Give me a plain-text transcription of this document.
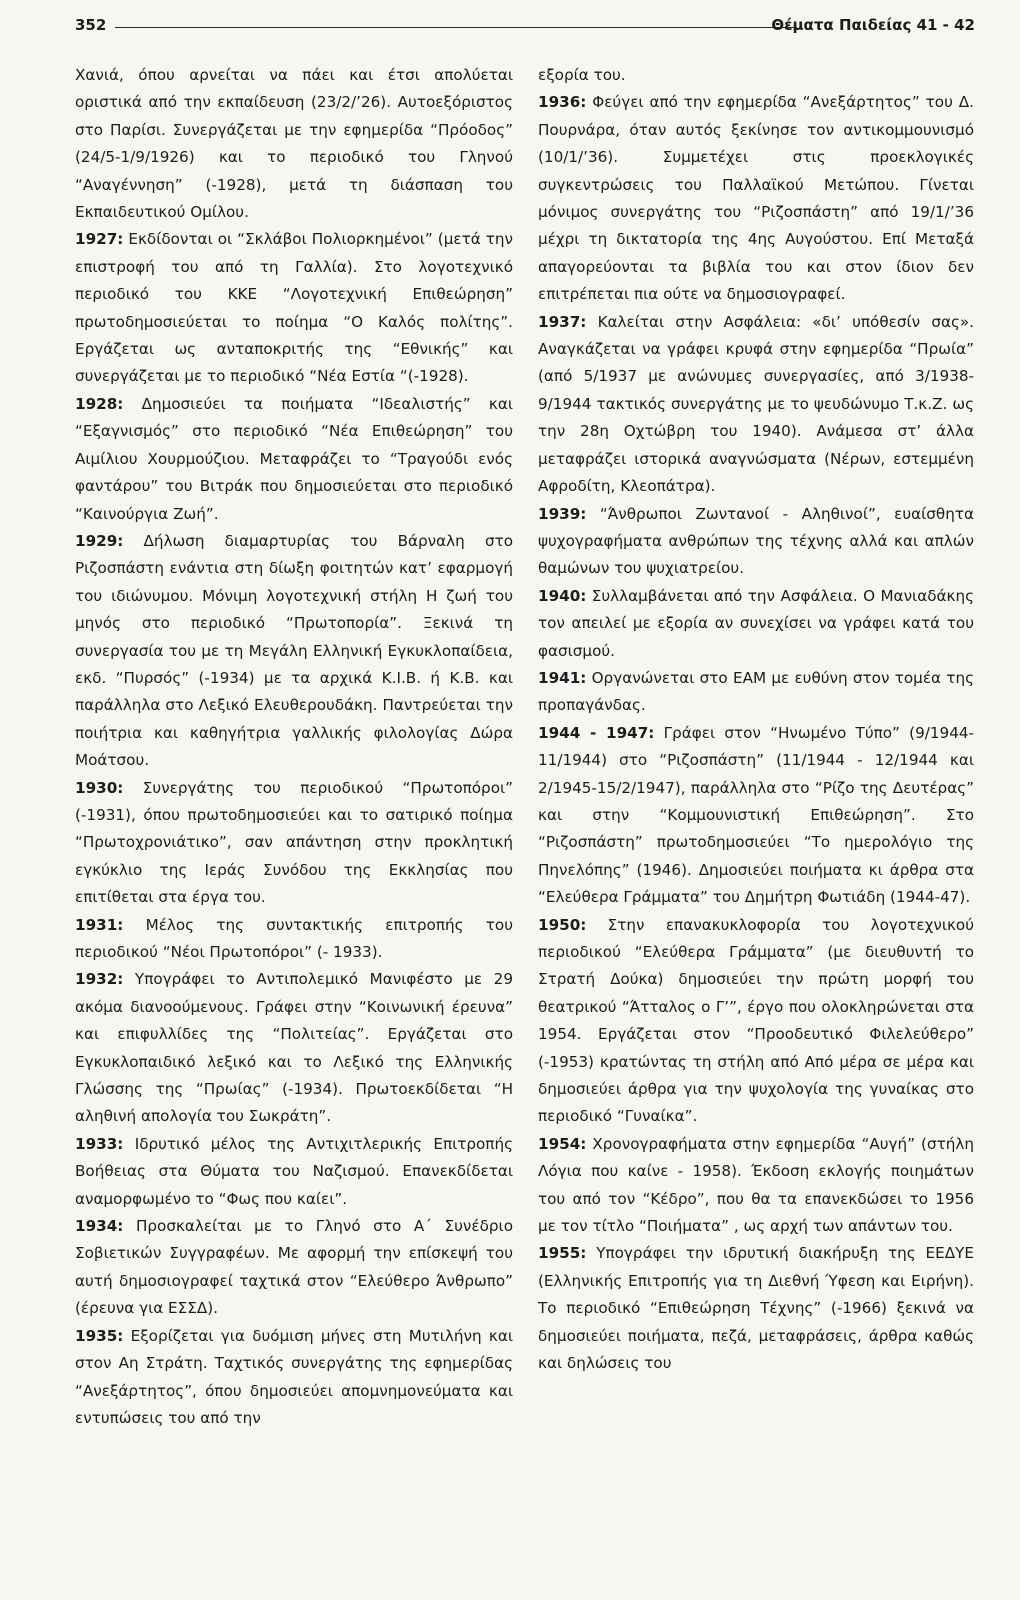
352	Θέματα Παιδείας 41 - 42

Χανιά, όπου αρνείται να πάει και έτσι απολύεται οριστικά από την εκπαίδευση (23/2/’26). Αυτοεξόριστος στο Παρίσι. Συνεργάζεται με την εφημερίδα “Πρόοδος” (24/5-1/9/1926) και το περιοδικό του Γληνού “Αναγέννηση” (-1928), μετά τη διάσπαση του Εκπαιδευτικού Ομίλου.

1927: Εκδίδονται οι “Σκλάβοι Πολιορκημένοι” (μετά την επιστροφή του από τη Γαλλία). Στο λογοτεχνικό περιοδικό του ΚΚΕ “Λογοτεχνική Επιθεώρηση” πρωτοδημοσιεύεται το ποίημα “Ο Καλός πολίτης”. Εργάζεται ως ανταποκριτής της “Εθνικής” και συνεργάζεται με το περιοδικό “Νέα Εστία “(-1928).

1928: Δημοσιεύει τα ποιήματα “Ιδεαλιστής” και “Εξαγνισμός” στο περιοδικό “Νέα Επιθεώρηση” του Αιμίλιου Χουρμούζιου. Μεταφράζει το “Τραγούδι ενός φαντάρου” του Βιτράκ που δημοσιεύεται στο περιοδικό “Καινούργια Ζωή”.

1929: Δήλωση διαμαρτυρίας του Βάρναλη στο Ριζοσπάστη ενάντια στη δίωξη φοιτητών κατ’ εφαρμογή του ιδιώνυμου. Μόνιμη λογοτεχνική στήλη Η ζωή του μηνός στο περιοδικό “Πρωτοπορία”. Ξεκινά τη συνεργασία του με τη Μεγάλη Ελληνική Εγκυκλοπαίδεια, εκδ. “Πυρσός” (-1934) με τα αρχικά Κ.Ι.Β. ή Κ.Β. και παράλληλα στο Λεξικό Ελευθερουδάκη. Παντρεύεται την ποιήτρια και καθηγήτρια γαλλικής φιλολογίας Δώρα Μοάτσου.

1930: Συνεργάτης του περιοδικού “Πρωτοπόροι” (-1931), όπου πρωτοδημοσιεύει και το σατιρικό ποίημα “Πρωτοχρονιάτικο”, σαν απάντηση στην προκλητική εγκύκλιο της Ιεράς Συνόδου της Εκκλησίας που επιτίθεται στα έργα του.

1931: Μέλος της συντακτικής επιτροπής του περιοδικού “Νέοι Πρωτοπόροι” (- 1933).

1932: Υπογράφει το Αντιπολεμικό Μανιφέστο με 29 ακόμα διανοούμενους. Γράφει στην “Κοινωνική έρευνα” και επιφυλλίδες της “Πολιτείας”. Εργάζεται στο Εγκυκλοπαιδικό λεξικό και το Λεξικό της Ελληνικής Γλώσσης της “Πρωίας” (-1934). Πρωτοεκδίδεται “Η αληθινή απολογία του Σωκράτη”.

1933: Ιδρυτικό μέλος της Αντιχιτλερικής Επιτροπής Βοήθειας στα Θύματα του Ναζισμού. Επανεκδίδεται αναμορφωμένο το “Φως που καίει”.

1934: Προσκαλείται με το Γληνό στο Α΄ Συνέδριο Σοβιετικών Συγγραφέων. Με αφορμή την επίσκεψή του αυτή δημοσιογραφεί ταχτικά στον “Ελεύθερο Άνθρωπο” (έρευνα για ΕΣΣΔ).

1935: Εξορίζεται για δυόμιση μήνες στη Μυτιλήνη και στον Αη Στράτη. Ταχτικός συνεργάτης της εφημερίδας “Ανεξάρτητος”, όπου δημοσιεύει απομνημονεύματα και εντυπώσεις του από την

εξορία του.

1936: Φεύγει από την εφημερίδα “Ανεξάρτητος” του Δ. Πουρνάρα, όταν αυτός ξεκίνησε τον αντικομμουνισμό (10/1/’36). Συμμετέχει στις προεκλογικές συγκεντρώσεις του Παλλαϊκού Μετώπου. Γίνεται μόνιμος συνεργάτης του “Ριζοσπάστη” από 19/1/’36 μέχρι τη δικτατορία της 4ης Αυγούστου. Επί Μεταξά απαγορεύονται τα βιβλία του και στον ίδιον δεν επιτρέπεται πια ούτε να δημοσιογραφεί.

1937: Καλείται στην Ασφάλεια: «δι’ υπόθεσίν σας». Αναγκάζεται να γράφει κρυφά στην εφημερίδα “Πρωία” (από 5/1937 με ανώνυμες συνεργασίες, από 3/1938- 9/1944 τακτικός συνεργάτης με το ψευδώνυμο Τ.κ.Ζ. ως την 28η Οχτώβρη του 1940). Ανάμεσα στ’ άλλα μεταφράζει ιστορικά αναγνώσματα (Νέρων, εστεμμένη Αφροδίτη, Κλεοπάτρα).

1939: “Άνθρωποι Ζωντανοί - Αληθινοί”, ευαίσθητα ψυχογραφήματα ανθρώπων της τέχνης αλλά και απλών θαμώνων του ψυχιατρείου.

1940: Συλλαμβάνεται από την Ασφάλεια. Ο Μανιαδάκης τον απειλεί με εξορία αν συνεχίσει να γράφει κατά του φασισμού.

1941: Οργανώνεται στο ΕΑΜ με ευθύνη στον τομέα της προπαγάνδας.

1944 - 1947: Γράφει στον “Ηνωμένο Τύπο” (9/1944-11/1944) στο “Ριζοσπάστη” (11/1944 - 12/1944 και 2/1945-15/2/1947), παράλληλα στο “Ρίζο της Δευτέρας” και στην “Κομμουνιστική Επιθεώρηση”. Στο “Ριζοσπάστη” πρωτοδημοσιεύει “Το ημερολόγιο της Πηνελόπης” (1946). Δημοσιεύει ποιήματα κι άρθρα στα “Ελεύθερα Γράμματα” του Δημήτρη Φωτιάδη (1944-47).

1950: Στην επανακυκλοφορία του λογοτεχνικού περιοδικού “Ελεύθερα Γράμματα” (με διευθυντή το Στρατή Δούκα) δημοσιεύει την πρώτη μορφή του θεατρικού “Άτταλος ο Γ’”, έργο που ολοκληρώνεται στα 1954. Εργάζεται στον “Προοδευτικό Φιλελεύθερο” (-1953) κρατώντας τη στήλη από Από μέρα σε μέρα και δημοσιεύει άρθρα για την ψυχολογία της γυναίκας στο περιοδικό “Γυναίκα”.

1954: Χρονογραφήματα στην εφημερίδα “Αυγή” (στήλη Λόγια που καίνε - 1958). Έκδοση εκλογής ποιημάτων του από τον “Κέδρο”, που θα τα επανεκδώσει το 1956 με τον τίτλο “Ποιήματα” , ως αρχή των απάντων του.

1955: Υπογράφει την ιδρυτική διακήρυξη της ΕΕΔΥΕ (Ελληνικής Επιτροπής για τη Διεθνή Ύφεση και Ειρήνη). Το περιοδικό “Επιθεώρηση Τέχνης” (-1966) ξεκινά να δημοσιεύει ποιήματα, πεζά, μεταφράσεις, άρθρα καθώς και δηλώσεις του
